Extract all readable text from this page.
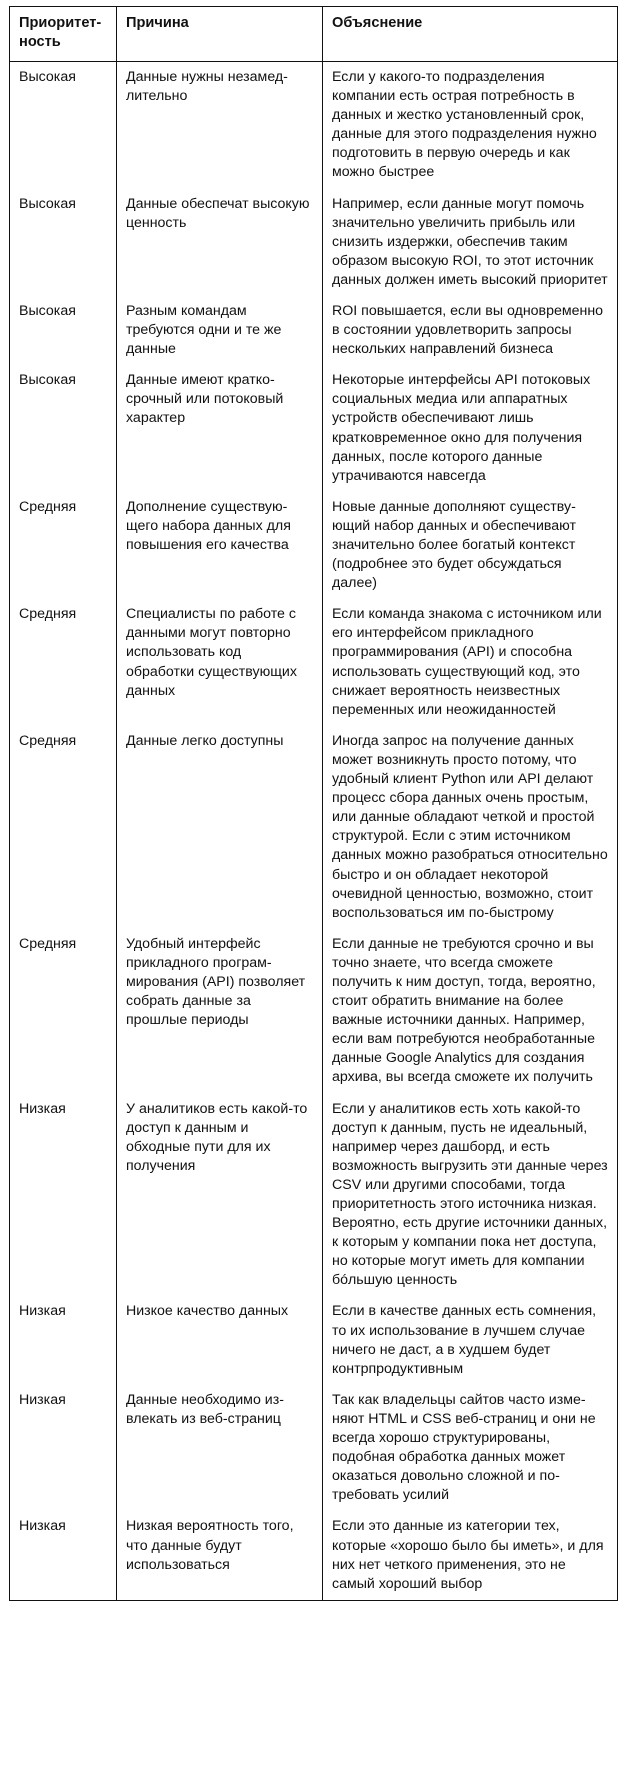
Приоритетность	Причина	Объяснение
Высокая	Данные нужны незамедлительно	Если у какого-то подразделения компании есть острая потребность в данных и жестко установленный срок, данные для этого подразделения нужно подготовить в первую очередь и как можно быстрее
Высокая	Данные обеспечат высокую ценность	Например, если данные могут помочь значительно увеличить прибыль или снизить издержки, обеспечив таким образом высокую ROI, то этот источник данных должен иметь высокий приоритет
Высокая	Разным командам требуются одни и те же данные	ROI повышается, если вы одновременно в состоянии удовлетворить запросы нескольких направлений бизнеса
Высокая	Данные имеют краткосрочный или потоковый характер	Некоторые интерфейсы API потоковых социальных медиа или аппаратных устройств обеспечивают лишь кратковременное окно для получения данных, после которого данные утрачиваются навсегда
Средняя	Дополнение существующего набора данных для повышения его качества	Новые данные дополняют существующий набор данных и обеспечивают значительно более богатый контекст (подробнее это будет обсуждаться далее)
Средняя	Специалисты по работе с данными могут повторно использовать код обработки существующих данных	Если команда знакома с источником или его интерфейсом прикладного программирования (API) и способна использовать существующий код, это снижает вероятность неизвестных переменных или неожиданностей
Средняя	Данные легко доступны	Иногда запрос на получение данных может возникнуть просто потому, что удобный клиент Python или API делают процесс сбора данных очень простым, или данные обладают четкой и простой структурой. Если с этим источником данных можно разобраться относительно быстро и он обладает некоторой очевидной ценностью, возможно, стоит воспользоваться им по-быстрому
Средняя	Удобный интерфейс прикладного программирования (API) позволяет собрать данные за прошлые периоды	Если данные не требуются срочно и вы точно знаете, что всегда сможете получить к ним доступ, тогда, вероятно, стоит обратить внимание на более важные источники данных. Например, если вам потребуются необработанные данные Google Analytics для создания архива, вы всегда сможете их получить
Низкая	У аналитиков есть какой-то доступ к данным и обходные пути для их получения	Если у аналитиков есть хоть какой-то доступ к данным, пусть не идеальный, например через дашборд, и есть возможность выгрузить эти данные через CSV или другими способами, тогда приоритетность этого источника низкая. Вероятно, есть другие источники данных, к которым у компании пока нет доступа, но которые могут иметь для компании бóльшую ценность
Низкая	Низкое качество данных	Если в качестве данных есть сомнения, то их использование в лучшем случае ничего не даст, а в худшем будет контрпродуктивным
Низкая	Данные необходимо извлекать из веб-страниц	Так как владельцы сайтов часто изменяют HTML и CSS веб-страниц и они не всегда хорошо структурированы, подобная обработка данных может оказаться довольно сложной и потребовать усилий
Низкая	Низкая вероятность того, что данные будут использоваться	Если это данные из категории тех, которые «хорошо было бы иметь», и для них нет четкого применения, это не самый хороший выбор
